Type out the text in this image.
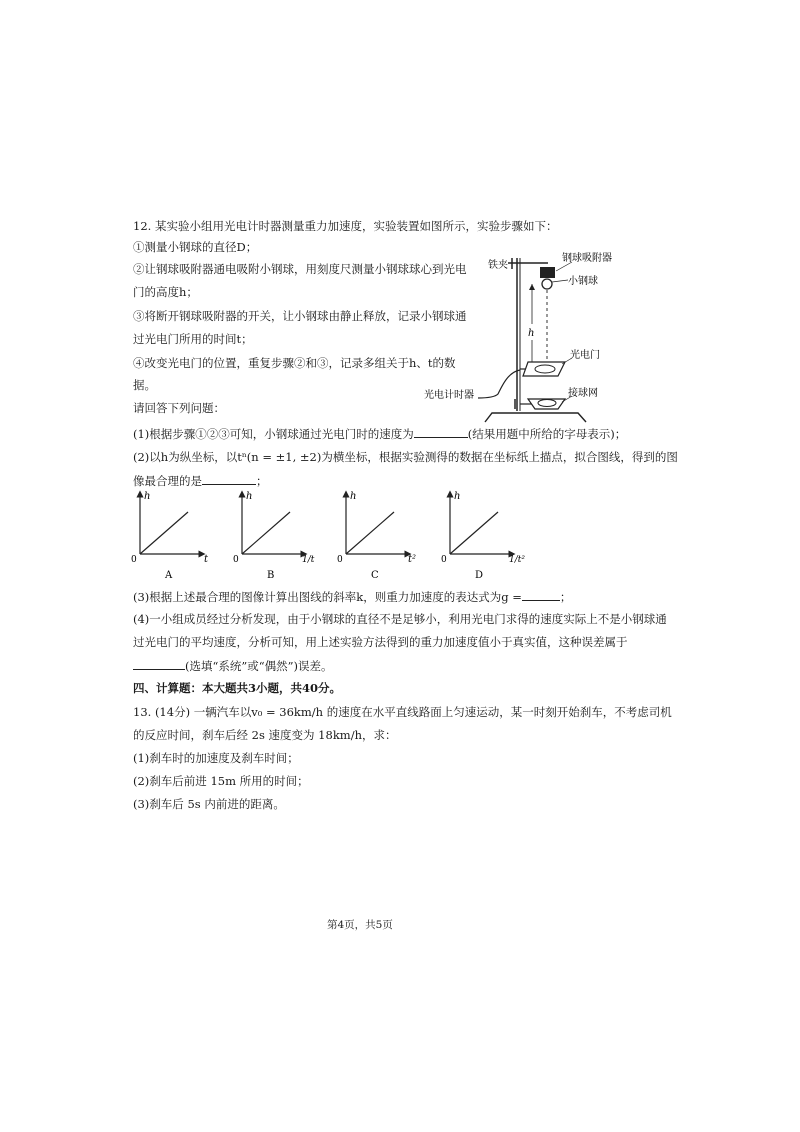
12. 某实验小组用光电计时器测量重力加速度，实验装置如图所示，实验步骤如下：
①测量小钢球的直径D；
②让钢球吸附器通电吸附小钢球，用刻度尺测量小钢球球心到光电
门的高度h；
③将断开钢球吸附器的开关，让小钢球由静止释放，记录小钢球通
过光电门所用的时间t；
④改变光电门的位置，重复步骤②和③，记录多组关于h、t的数
据。
请回答下列问题：
铁夹
钢球吸附器
小钢球
h
光电门
接球网
光电计时器
(1)根据步骤①②③可知，小钢球通过光电门时的速度为	(结果用题中所给的字母表示)；
(2)以h为纵坐标，以tⁿ(n = ±1, ±2)为横坐标，根据实验测得的数据在坐标纸上描点，拟合图线，得到的图
像最合理的是	；
h
0	t
A
h
0	1/t
B
h
0	t²
C
h
0	1/t²
D
(3)根据上述最合理的图像计算出图线的斜率k，则重力加速度的表达式为g =	；
(4)一小组成员经过分析发现，由于小钢球的直径不是足够小，利用光电门求得的速度实际上不是小钢球通
过光电门的平均速度，分析可知，用上述实验方法得到的重力加速度值小于真实值，这种误差属于
(选填“系统”或“偶然”)误差。
四、计算题：本大题共3小题，共40分。
13. (14分) 一辆汽车以v₀ = 36km/h 的速度在水平直线路面上匀速运动，某一时刻开始刹车，不考虑司机
的反应时间，刹车后经 2s 速度变为 18km/h，求：
(1)刹车时的加速度及刹车时间；
(2)刹车后前进 15m 所用的时间；
(3)刹车后 5s 内前进的距离。
第4页，共5页
